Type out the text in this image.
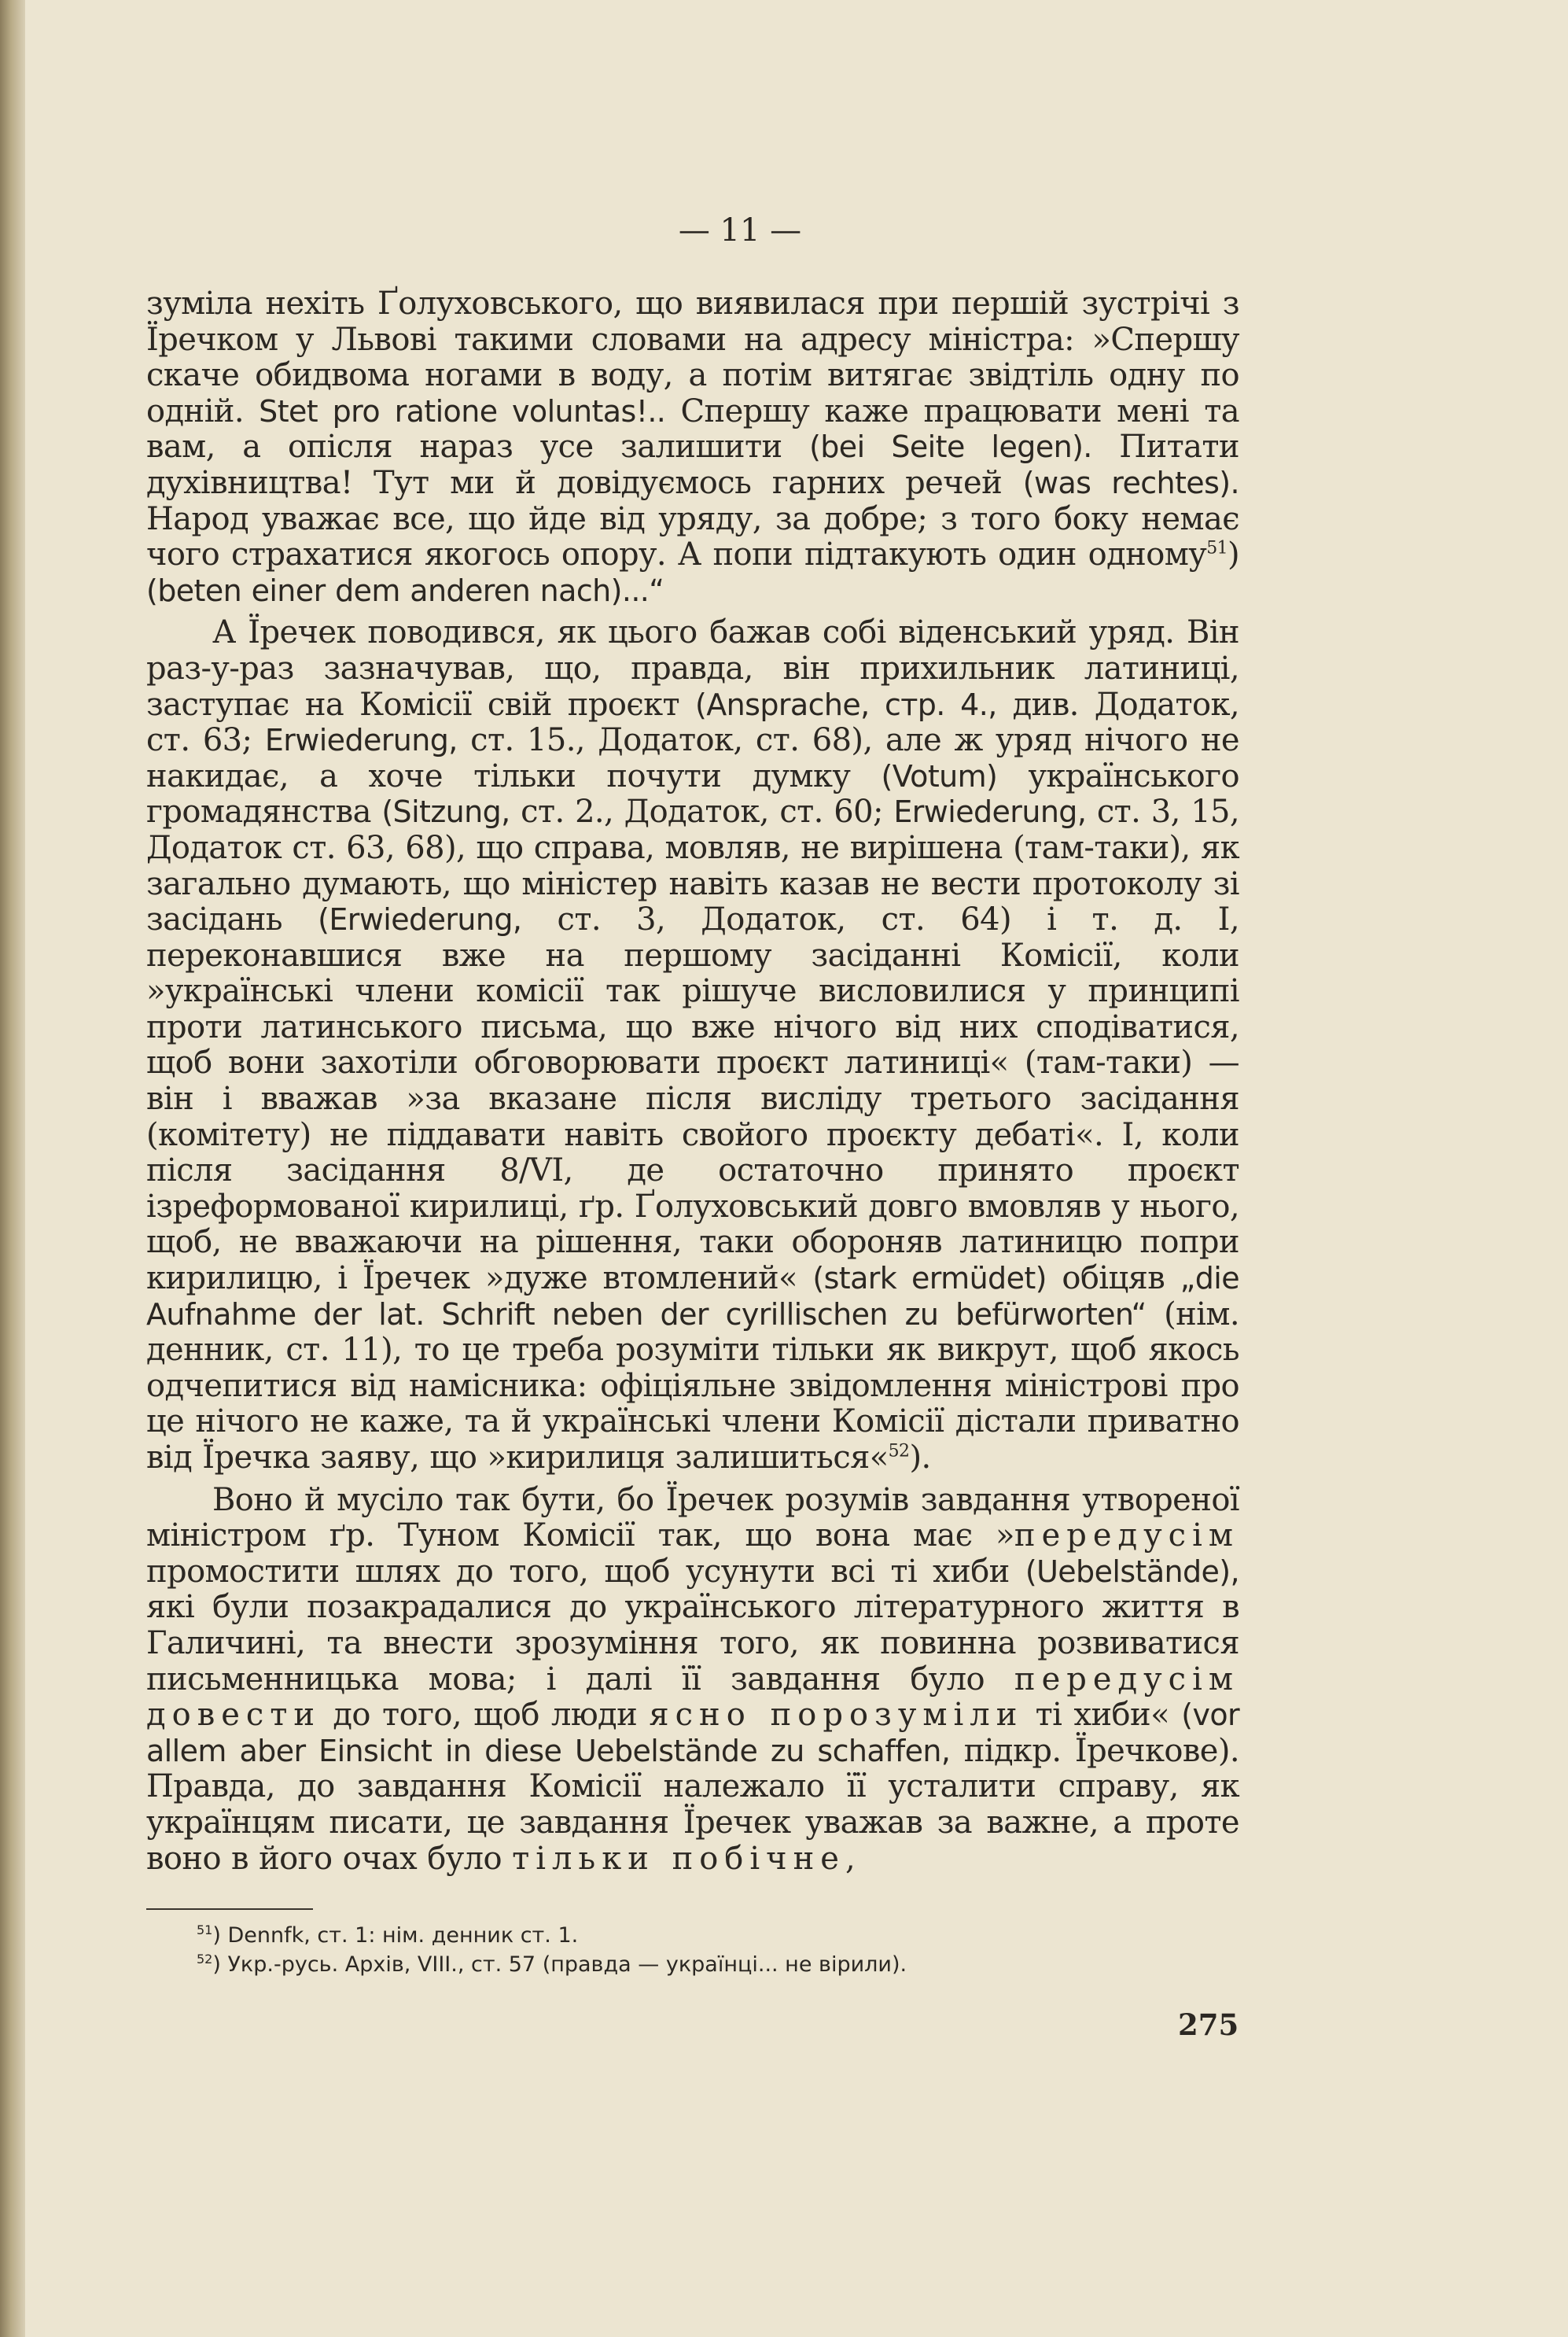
— 11 —

зуміла нехіть Ґолуховського, що виявилася при першій зустрічі з Їречком у Львові такими словами на адресу міністра: »Спершу скаче обидвома ногами в воду, а потім витягає звідтіль одну по одній. Stet pro ratione voluntas!.. Спершу каже працювати мені та вам, а опісля нараз усе залишити (bei Seite legen). Питати духівництва! Тут ми й довідуємось гарних речей (was rechtes). Народ уважає все, що йде від уряду, за добре; з того боку немає чого страхатися якогось опору. А попи підтакують один одному$^{51}$) (beten einer dem anderen nach)...“

А Їречек поводився, як цього бажав собі віденський уряд. Він раз-у-раз зазначував, що, правда, він прихильник латиниці, заступає на Комісії свій проєкт (Ansprache, стр. 4., див. Додаток, ст. 63; Erwiederung, ст. 15., Додаток, ст. 68), але ж уряд нічого не накидає, а хоче тільки почути думку (Votum) українського громадянства (Sitzung, ст. 2., Додаток, ст. 60; Erwiederung, ст. 3, 15, Додаток ст. 63, 68), що справа, мовляв, не вирішена (там-таки), як загально думають, що міністер навіть казав не вести протоколу зі засідань (Erwiederung, ст. 3, Додаток, ст. 64) і т. д. І, переконавшися вже на першому засіданні Комісії, коли »українські члени комісії так рішуче висловилися у принципі проти латинського письма, що вже нічого від них сподіватися, щоб вони захотіли обговорювати проєкт латиниці« (там-таки) — він і вважав »за вказане після висліду третього засідання (комітету) не піддавати навіть свойого проєкту дебаті«. І, коли після засідання 8/VI, де остаточно принято проєкт ізреформованої кирилиці, ґр. Ґолуховський довго вмовляв у нього, щоб, не вважаючи на рішення, таки обороняв латиницю попри кирилицю, і Їречек »дуже втомлений« (stark ermüdet) обіцяв „die Aufnahme der lat. Schrift neben der cyrillischen zu befürworten“ (нім. денник, ст. 11), то це треба розуміти тільки як викрут, щоб якось одчепитися від намісника: офіціяльне звідомлення міністрові про це нічого не каже, та й українські члени Комісії дістали приватно від Їречка заяву, що »кирилиця залишиться«$^{52}$).

Воно й мусіло так бути, бо Їречек розумів завдання утвореної міністром ґр. Туном Комісії так, що вона має »передусім промостити шлях до того, щоб усунути всі ті хиби (Uebelstände), які були позакрадалися до українського літературного життя в Галичині, та внести зрозуміння того, як повинна розвиватися письменницька мова; і далі її завдання було передусім довести до того, щоб люди ясно порозуміли ті хиби« (vor allem aber Einsicht in diese Uebelstände zu schaffen, підкр. Їречкове). Правда, до завдання Комісії належало її усталити справу, як українцям писати, це завдання Їречек уважав за важне, а проте воно в його очах було тільки побічне,

$^{51}$) Dennfk, ст. 1: нім. денник ст. 1.

$^{52}$) Укр.-русь. Архів, VIII., ст. 57 (правда — українці... не вірили).

275
